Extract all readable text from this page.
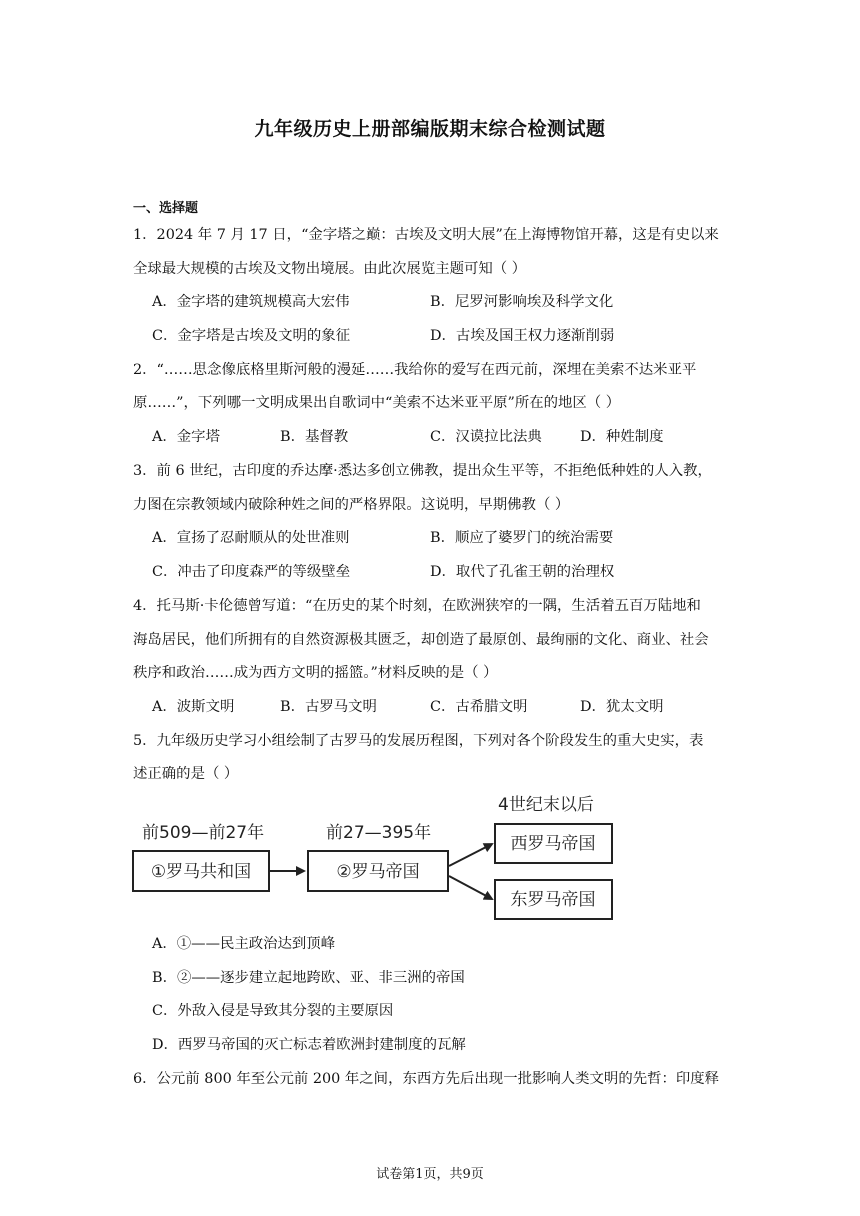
九年级历史上册部编版期末综合检测试题
一、选择题
1．2024 年 7 月 17 日，“金字塔之巅：古埃及文明大展”在上海博物馆开幕，这是有史以来
全球最大规模的古埃及文物出境展。由此次展览主题可知（ ）
A．金字塔的建筑规模高大宏伟	B．尼罗河影响埃及科学文化
C．金字塔是古埃及文明的象征	D．古埃及国王权力逐渐削弱
2．“……思念像底格里斯河般的漫延……我给你的爱写在西元前，深埋在美索不达米亚平
原……”，下列哪一文明成果出自歌词中“美索不达米亚平原”所在的地区（ ）
A．金字塔	B．基督教	C．汉谟拉比法典	D．种姓制度
3．前 6 世纪，古印度的乔达摩·悉达多创立佛教，提出众生平等，不拒绝低种姓的人入教，
力图在宗教领域内破除种姓之间的严格界限。这说明，早期佛教（ ）
A．宣扬了忍耐顺从的处世准则	B．顺应了婆罗门的统治需要
C．冲击了印度森严的等级壁垒	D．取代了孔雀王朝的治理权
4．托马斯·卡伦德曾写道：“在历史的某个时刻，在欧洲狭窄的一隅，生活着五百万陆地和
海岛居民，他们所拥有的自然资源极其匮乏，却创造了最原创、最绚丽的文化、商业、社会
秩序和政治……成为西方文明的摇篮。”材料反映的是（ ）
A．波斯文明	B．古罗马文明	C．古希腊文明	D．犹太文明
5．九年级历史学习小组绘制了古罗马的发展历程图，下列对各个阶段发生的重大史实，表
述正确的是（ ）
前509—前27年
①罗马共和国
前27—395年
②罗马帝国
4世纪末以后
西罗马帝国
东罗马帝国
A．①——民主政治达到顶峰
B．②——逐步建立起地跨欧、亚、非三洲的帝国
C．外敌入侵是导致其分裂的主要原因
D．西罗马帝国的灭亡标志着欧洲封建制度的瓦解
6．公元前 800 年至公元前 200 年之间，东西方先后出现一批影响人类文明的先哲：印度释
试卷第1页，共9页
